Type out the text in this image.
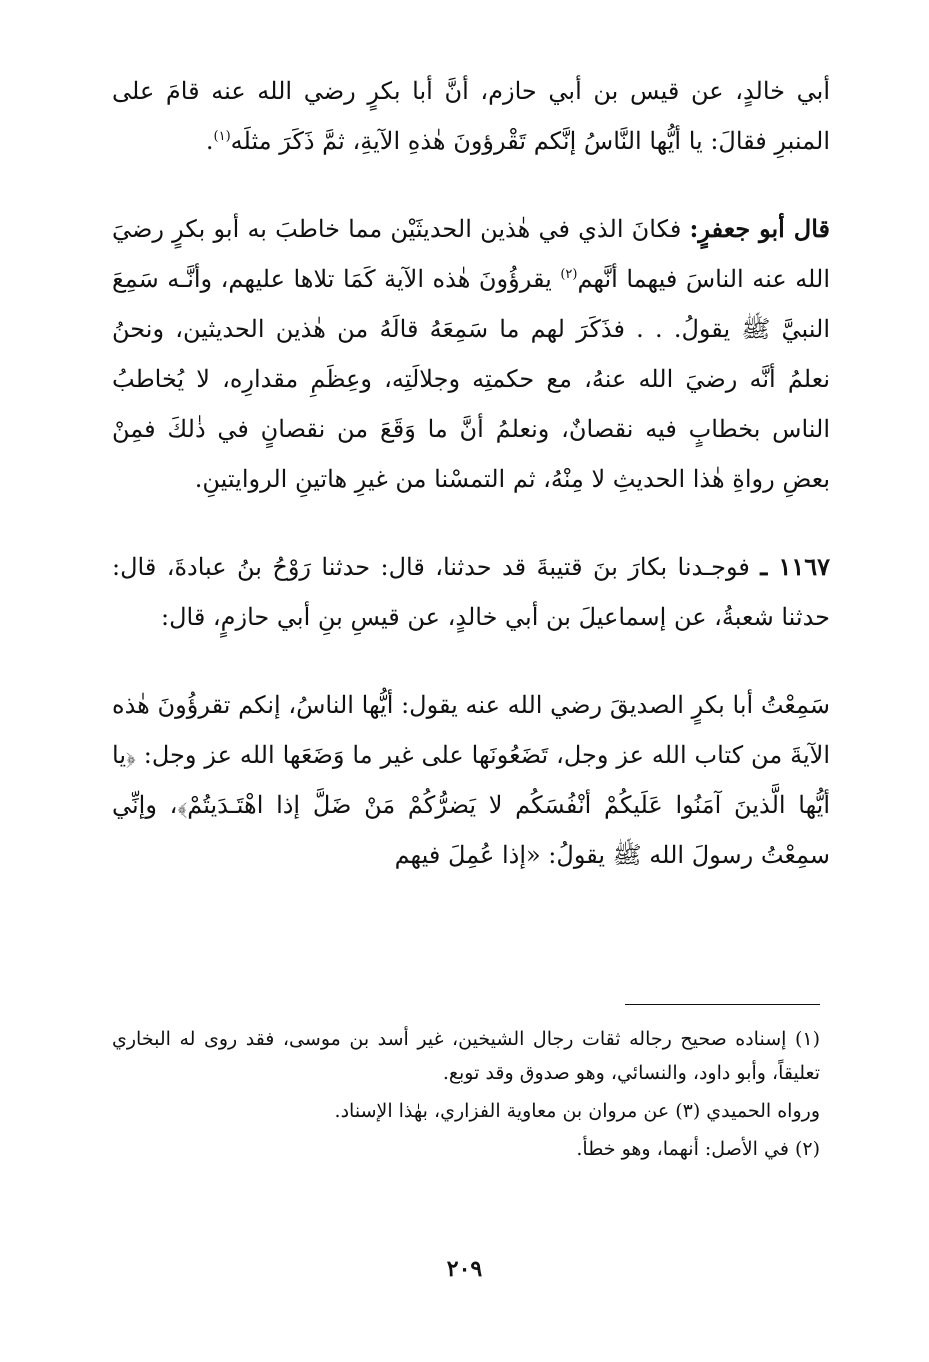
أبي خالدٍ، عن قيس بن أبي حازم، أنَّ أبا بكرٍ رضي الله عنه قامَ على المنبرِ فقالَ: يا أيُّها النَّاسُ إنَّكم تَقْرؤونَ هٰذهِ الآيةِ، ثمَّ ذَكَرَ مثلَه$^{(١)}$.

قال أبو جعفرٍ: فكانَ الذي في هٰذين الحديثَيْن مما خاطبَ به أبو بكرٍ رضيَ الله عنه الناسَ فيهما أنَّهم$^{(٢)}$ يقرؤُونَ هٰذه الآية كَمَا تلاها عليهم، وأنَّـه سَمِعَ النبيَّ ﷺ يقولُ. . . فذَكَرَ لهم ما سَمِعَهُ قالَهُ من هٰذين الحديثين، ونحنُ نعلمُ أنَّه رضيَ الله عنهُ، مع حكمتِه وجلالَتِه، وعِظَمِ مقدارِه، لا يُخاطبُ الناس بخطابٍ فيه نقصانٌ، ونعلمُ أنَّ ما وَقَعَ من نقصانٍ في ذٰلكَ فمِنْ بعضِ رواةِ هٰذا الحديثِ لا مِنْهُ، ثم التمسْنا من غيرِ هاتينِ الروايتينِ.

١١٦٧ ـ فوجـدنا بكارَ بنَ قتيبةَ قد حدثنا، قال: حدثنا رَوْحُ بنُ عبادةَ، قال: حدثنا شعبةُ، عن إسماعيلَ بن أبي خالدٍ، عن قيسِ بنِ أبي حازمٍ، قال:

سَمِعْتُ أبا بكرٍ الصديقَ رضي الله عنه يقول: أيُّها الناسُ، إنكم تقرؤُونَ هٰذه الآيةَ من كتاب الله عز وجل، تَضَعُونَها على غير ما وَضَعَها الله عز وجل: ﴿يا أيُّها الَّذينَ آمَنُوا عَلَيكُمْ أنْفُسَكُم لا يَضرُّكُمْ مَنْ ضَلَّ إذا اهْتَـدَيتُمْ﴾، وإنِّي سمِعْتُ رسولَ الله ﷺ يقولُ: «إذا عُمِلَ فيهم

(١) إسناده صحيح رجاله ثقات رجال الشيخين، غير أسد بن موسى، فقد روى له البخاري تعليقاً، وأبو داود، والنسائي، وهو صدوق وقد توبع.

ورواه الحميدي (٣) عن مروان بن معاوية الفزاري، بهٰذا الإسناد.

(٢) في الأصل: أنهما، وهو خطأ.

٢٠٩
